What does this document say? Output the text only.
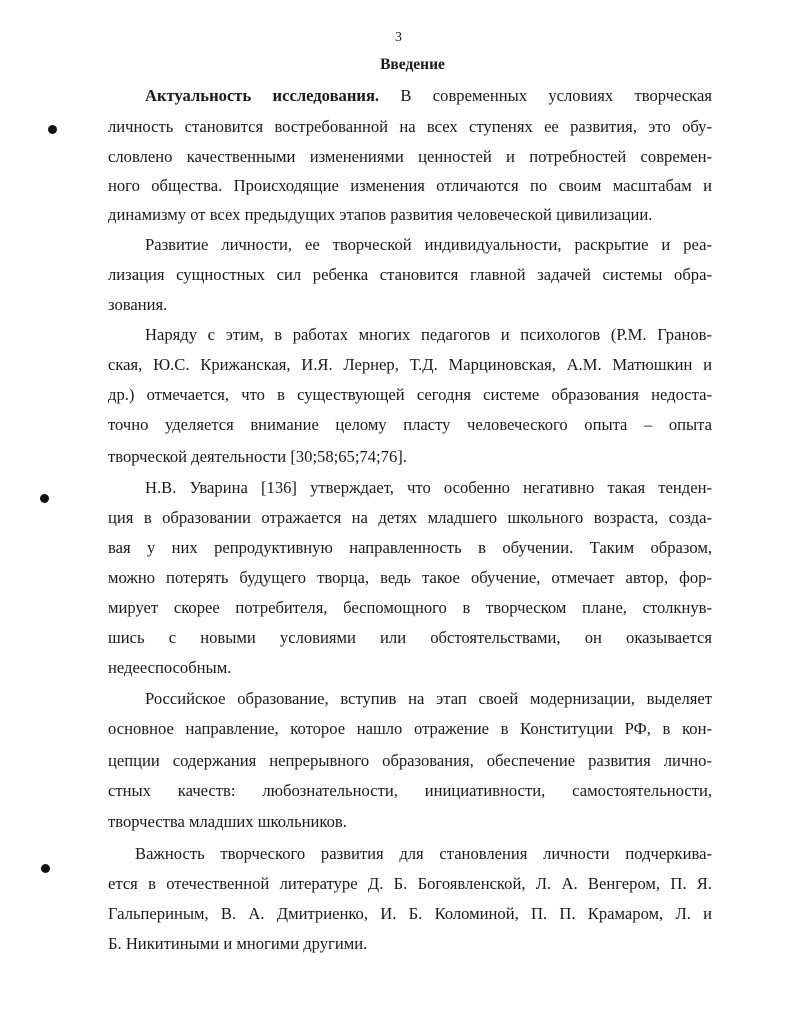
3
Введение
Актуальность исследования. В современных условиях творческая
личность становится востребованной на всех ступенях ее развития, это обу-
словлено качественными изменениями ценностей и потребностей современ-
ного общества. Происходящие изменения отличаются по своим масштабам и
динамизму от всех предыдущих этапов развития человеческой цивилизации.
Развитие личности, ее творческой индивидуальности, раскрытие и реа-
лизация сущностных сил ребенка становится главной задачей системы обра-
зования.
Наряду с этим, в работах многих педагогов и психологов (Р.М. Гранов-
ская, Ю.С. Крижанская, И.Я. Лернер, Т.Д. Марциновская, А.М. Матюшкин и
др.) отмечается, что в существующей сегодня системе образования недоста-
точно уделяется внимание целому пласту человеческого опыта – опыта
творческой деятельности [30;58;65;74;76].
Н.В. Уварина [136] утверждает, что особенно негативно такая тенден-
ция в образовании отражается на детях младшего школьного возраста, созда-
вая у них репродуктивную направленность в обучении. Таким образом,
можно потерять будущего творца, ведь такое обучение, отмечает автор, фор-
мирует скорее потребителя, беспомощного в творческом плане, столкнув-
шись с новыми условиями или обстоятельствами, он оказывается
недееспособным.
Российское образование, вступив на этап своей модернизации, выделяет
основное направление, которое нашло отражение в Конституции РФ, в кон-
цепции содержания непрерывного образования, обеспечение развития личнo-
стных качеств: любознательности, инициативности, самостоятельности,
творчества младших школьников.
Важность творческого развития для становления личности подчеркива-
ется в отечественной литературе Д. Б. Богоявленской, Л. А. Венгером, П. Я.
Гальпериным, В. А. Дмитриенко, И. Б. Коломиной, П. П. Крамаром, Л. и
Б. Никитиными и многими другими.
